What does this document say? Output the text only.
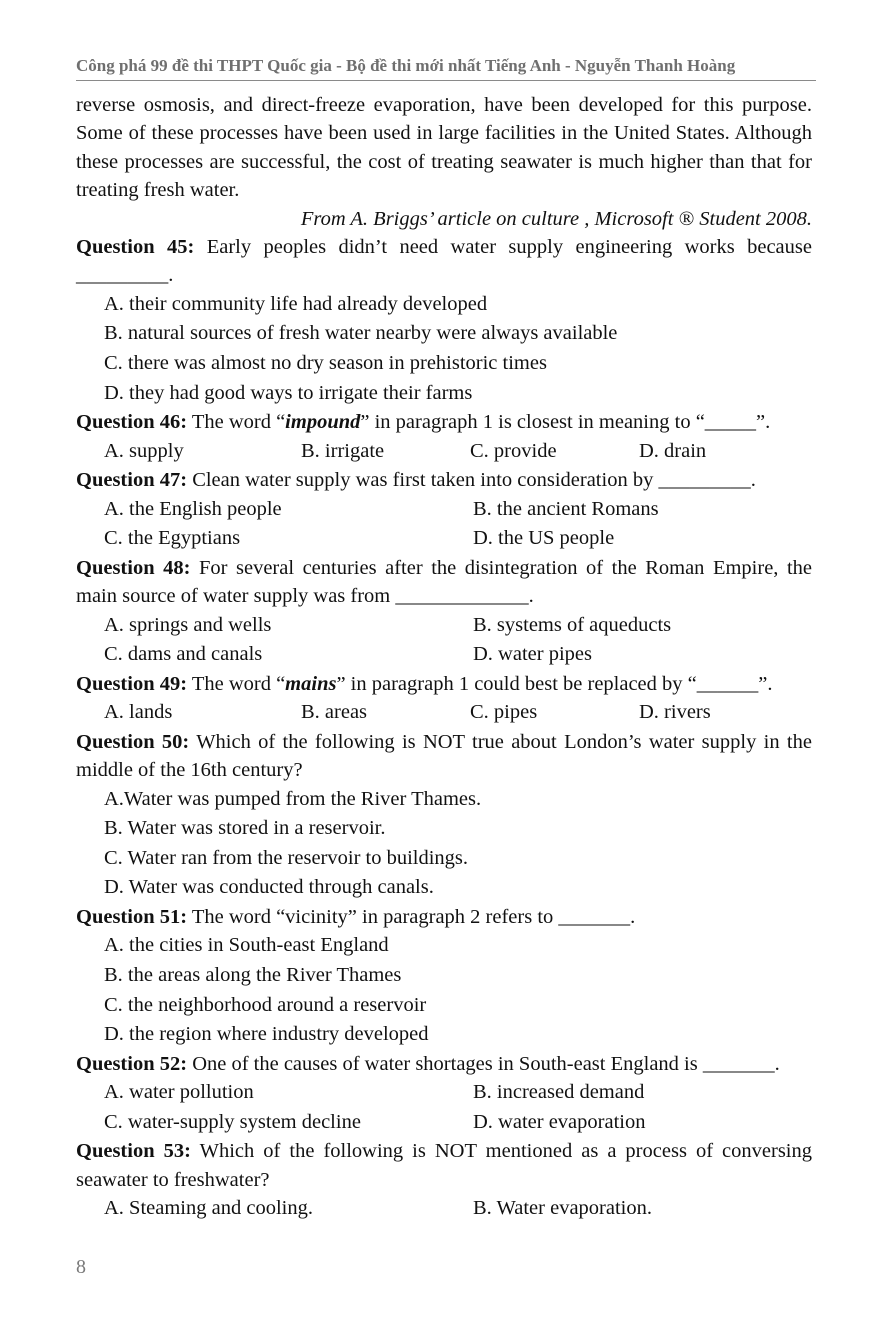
Công phá 99 đề thi THPT Quốc gia - Bộ đề thi mới nhất Tiếng Anh - Nguyễn Thanh Hoàng

reverse osmosis, and direct-freeze evaporation, have been developed for this purpose. Some of these processes have been used in large facilities in the United States. Although these processes are successful, the cost of treating seawater is much higher than that for treating fresh water.

From A. Briggs’ article on culture , Microsoft ® Student 2008.

Question 45: Early peoples didn’t need water supply engineering works because _________.

A. their community life had already developed
B. natural sources of fresh water nearby were always available
C. there was almost no dry season in prehistoric times
D. they had good ways to irrigate their farms

Question 46: The word “impound” in paragraph 1 is closest in meaning to “_____”.

A. supply	B. irrigate	C. provide	D. drain

Question 47: Clean water supply was first taken into consideration by _________.

A. the English people	B. the ancient Romans
C. the Egyptians	D. the US people

Question 48: For several centuries after the disintegration of the Roman Empire, the main source of water supply was from _____________.

A. springs and wells	B. systems of aqueducts
C. dams and canals	D. water pipes

Question 49: The word “mains” in paragraph 1 could best be replaced by “______”.

A. lands	B. areas	C. pipes	D. rivers

Question 50: Which of the following is NOT true about London’s water supply in the middle of the 16th century?

A.Water was pumped from the River Thames.
B. Water was stored in a reservoir.
C. Water ran from the reservoir to buildings.
D. Water was conducted through canals.

Question 51: The word “vicinity” in paragraph 2 refers to _______.

A. the cities in South-east England
B. the areas along the River Thames
C. the neighborhood around a reservoir
D. the region where industry developed

Question 52: One of the causes of water shortages in South-east England is _______.

A. water pollution	B. increased demand
C. water-supply system decline	D. water evaporation

Question 53: Which of the following is NOT mentioned as a process of conversing seawater to freshwater?

A. Steaming and cooling.	B. Water evaporation.
8
